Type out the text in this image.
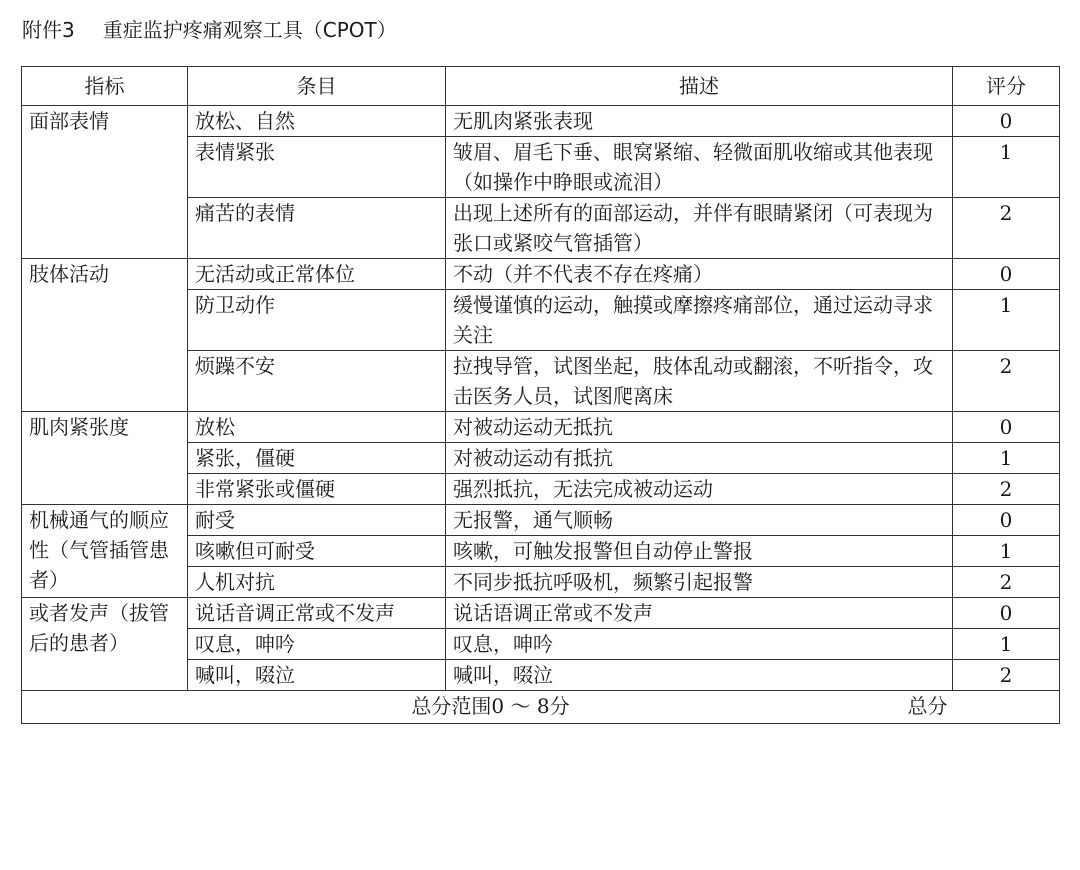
附件3 重症监护疼痛观察工具（CPOT）
指标	条目	描述	评分
面部表情	放松、自然	无肌肉紧张表现	0
	表情紧张	皱眉、眉毛下垂、眼窝紧缩、轻微面肌收缩或其他表现（如操作中睁眼或流泪）	1
	痛苦的表情	出现上述所有的面部运动，并伴有眼睛紧闭（可表现为张口或紧咬气管插管）	2
肢体活动	无活动或正常体位	不动（并不代表不存在疼痛）	0
	防卫动作	缓慢谨慎的运动，触摸或摩擦疼痛部位，通过运动寻求关注	1
	烦躁不安	拉拽导管，试图坐起，肢体乱动或翻滚，不听指令，攻击医务人员，试图爬离床	2
肌肉紧张度	放松	对被动运动无抵抗	0
	紧张，僵硬	对被动运动有抵抗	1
	非常紧张或僵硬	强烈抵抗，无法完成被动运动	2
机械通气的顺应性（气管插管患者）	耐受	无报警，通气顺畅	0
	咳嗽但可耐受	咳嗽，可触发报警但自动停止警报	1
	人机对抗	不同步抵抗呼吸机，频繁引起报警	2
或者发声（拔管后的患者）	说话音调正常或不发声	说话语调正常或不发声	0
	叹息，呻吟	叹息，呻吟	1
	喊叫，啜泣	喊叫，啜泣	2
总分范围0 ～ 8分 总分			
